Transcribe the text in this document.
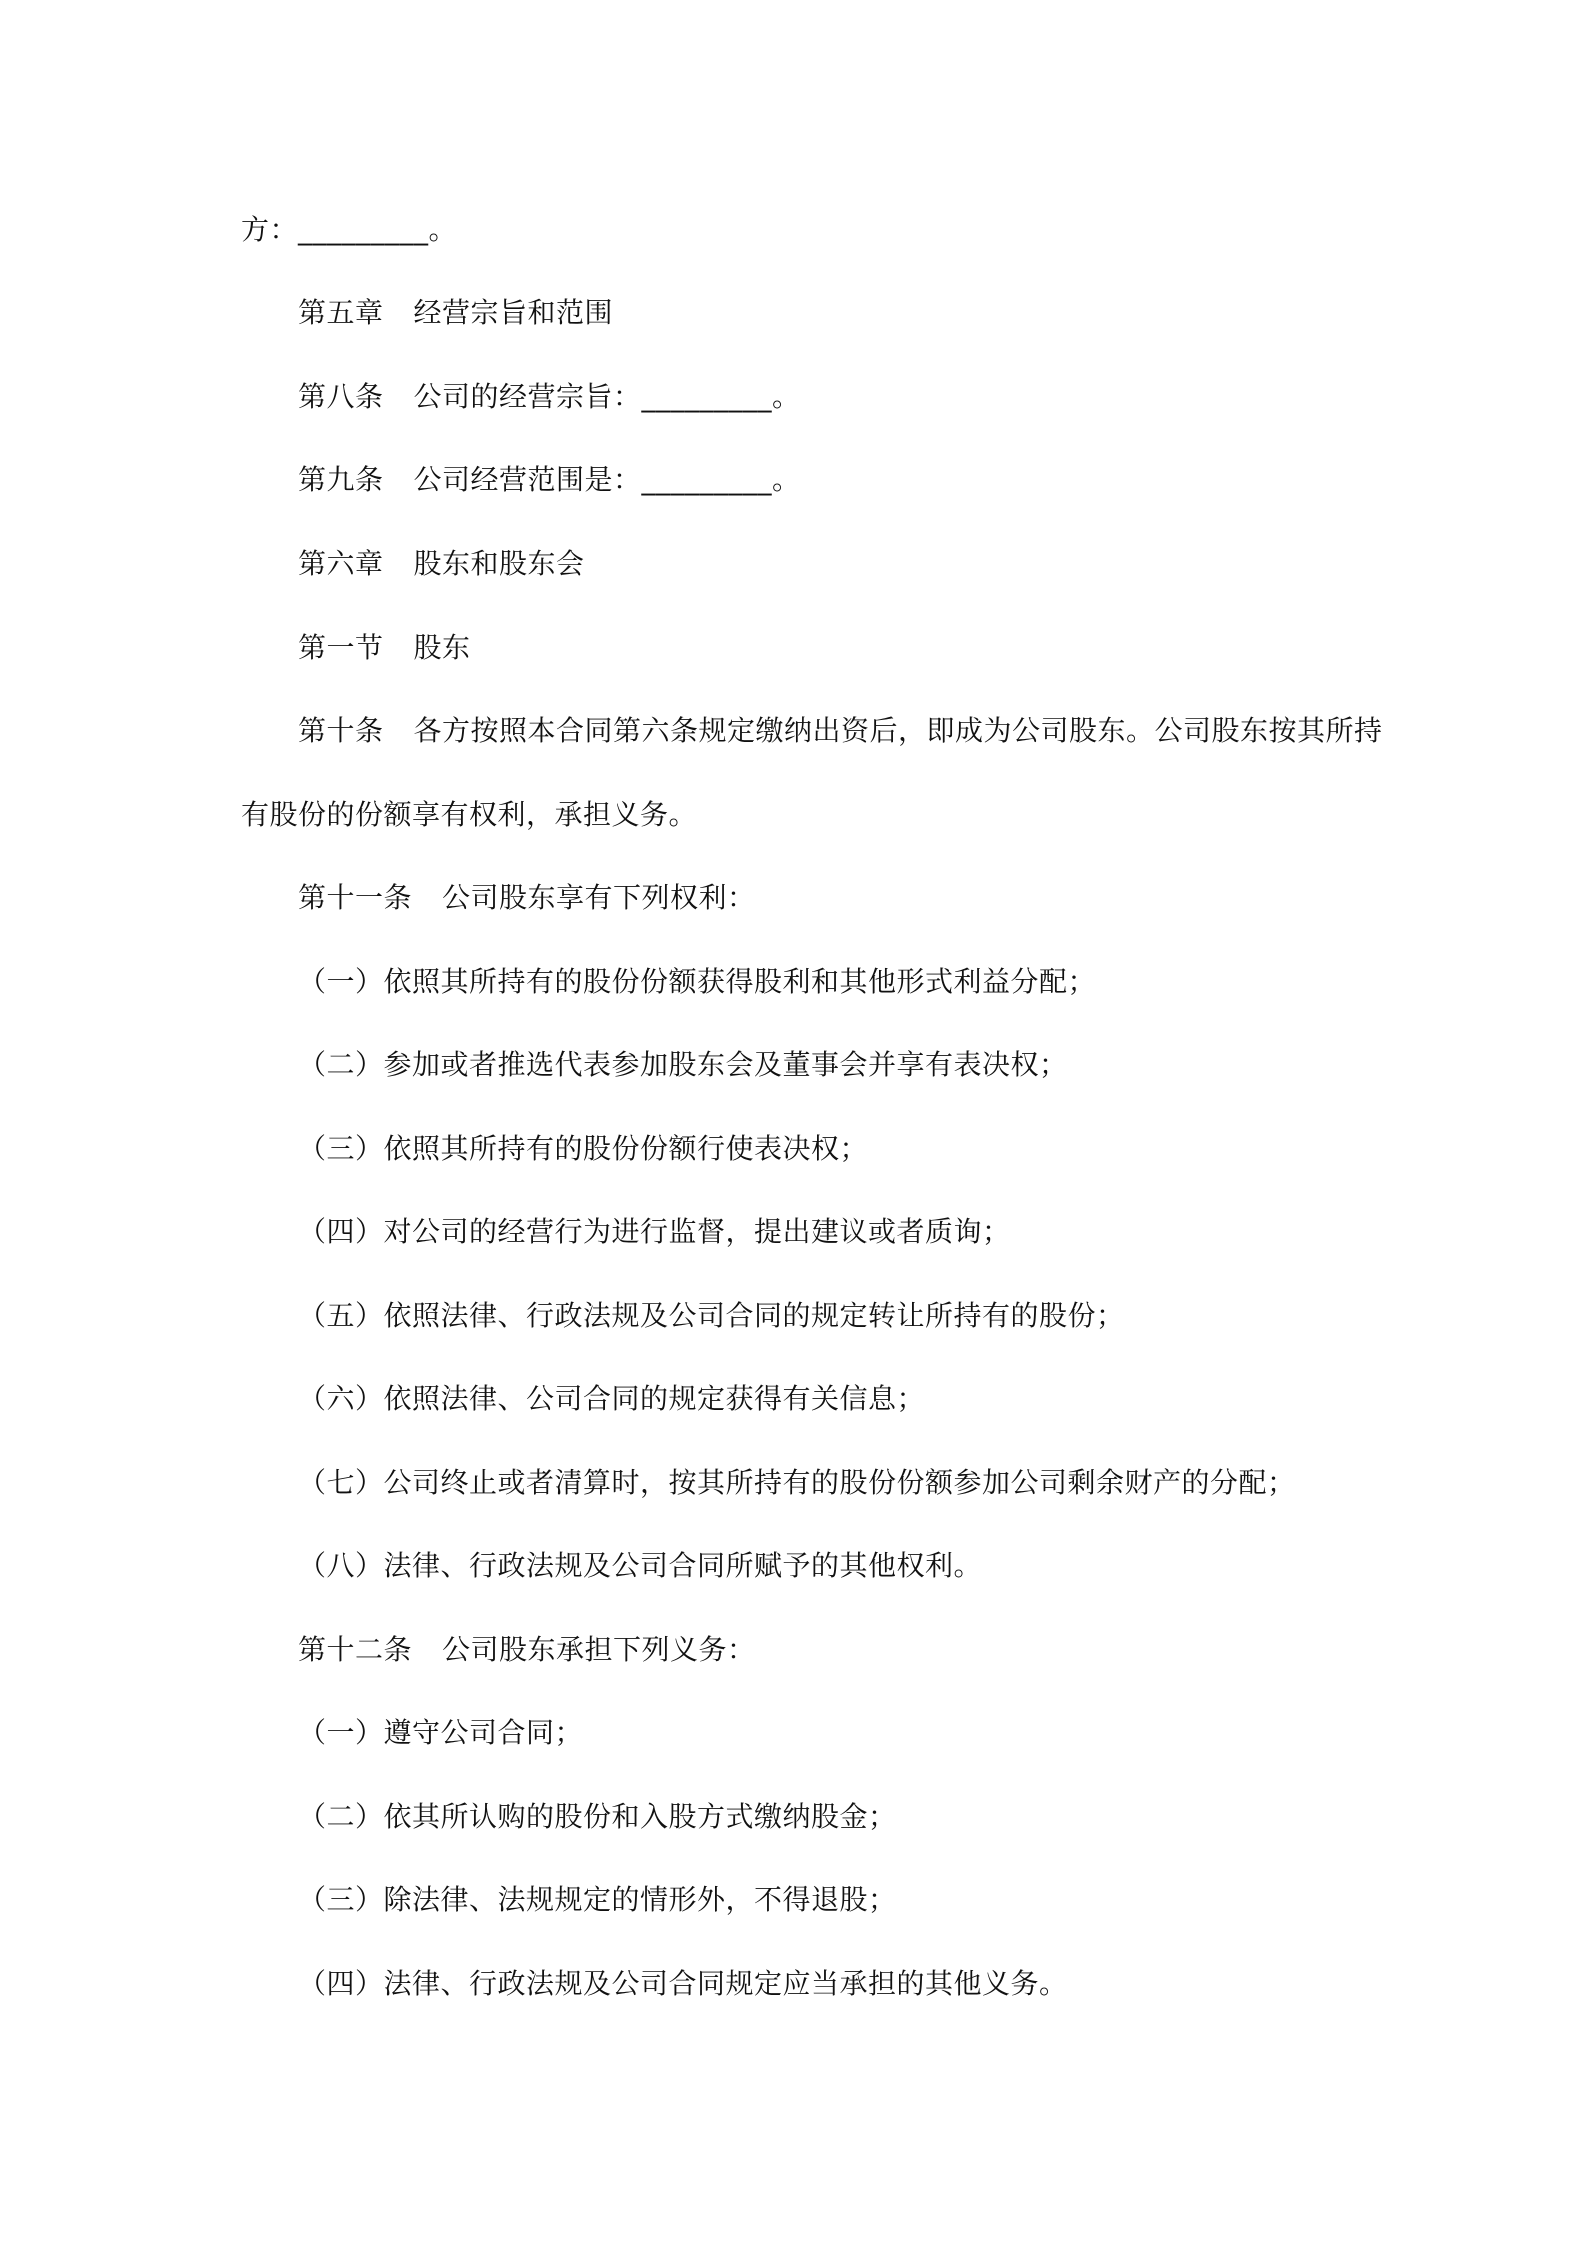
方：_________。
第五章 经营宗旨和范围
第八条 公司的经营宗旨：_________。
第九条 公司经营范围是：_________。
第六章 股东和股东会
第一节 股东
第十条 各方按照本合同第六条规定缴纳出资后，即成为公司股东。公司股东按其所持
有股份的份额享有权利，承担义务。
第十一条 公司股东享有下列权利：
（一）依照其所持有的股份份额获得股利和其他形式利益分配；
（二）参加或者推选代表参加股东会及董事会并享有表决权；
（三）依照其所持有的股份份额行使表决权；
（四）对公司的经营行为进行监督，提出建议或者质询；
（五）依照法律、行政法规及公司合同的规定转让所持有的股份；
（六）依照法律、公司合同的规定获得有关信息；
（七）公司终止或者清算时，按其所持有的股份份额参加公司剩余财产的分配；
（八）法律、行政法规及公司合同所赋予的其他权利。
第十二条 公司股东承担下列义务：
（一）遵守公司合同；
（二）依其所认购的股份和入股方式缴纳股金；
（三）除法律、法规规定的情形外，不得退股；
（四）法律、行政法规及公司合同规定应当承担的其他义务。
